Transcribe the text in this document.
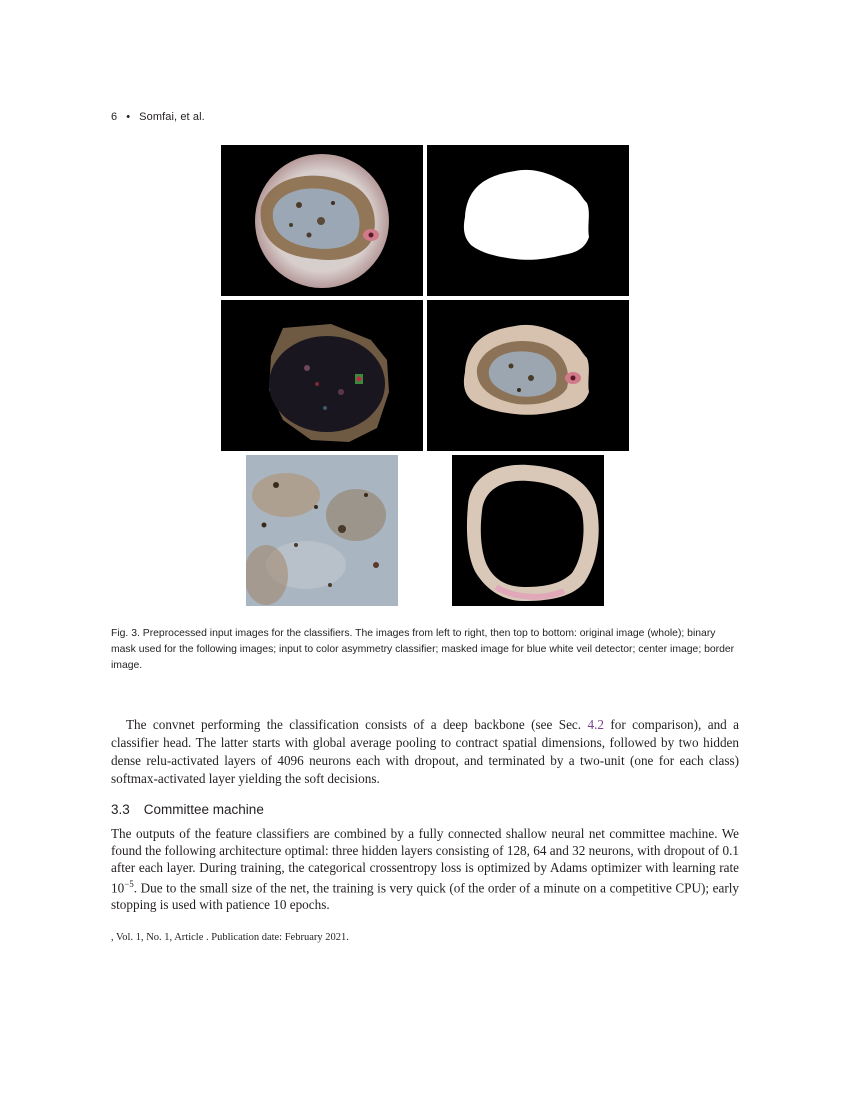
6 • Somfai, et al.
Fig. 3. Preprocessed input images for the classifiers. The images from left to right, then top to bottom: original image (whole); binary mask used for the following images; input to color asymmetry classifier; masked image for blue white veil detector; center image; border image.
The convnet performing the classification consists of a deep backbone (see Sec. 4.2 for comparison), and a classifier head. The latter starts with global average pooling to contract spatial dimensions, followed by two hidden dense relu-activated layers of 4096 neurons each with dropout, and terminated by a two-unit (one for each class) softmax-activated layer yielding the soft decisions.
3.3 Committee machine
The outputs of the feature classifiers are combined by a fully connected shallow neural net committee machine. We found the following architecture optimal: three hidden layers consisting of 128, 64 and 32 neurons, with dropout of 0.1 after each layer. During training, the categorical crossentropy loss is optimized by Adams optimizer with learning rate $10^{-5}$. Due to the small size of the net, the training is very quick (of the order of a minute on a competitive CPU); early stopping is used with patience 10 epochs.
, Vol. 1, No. 1, Article . Publication date: February 2021.
